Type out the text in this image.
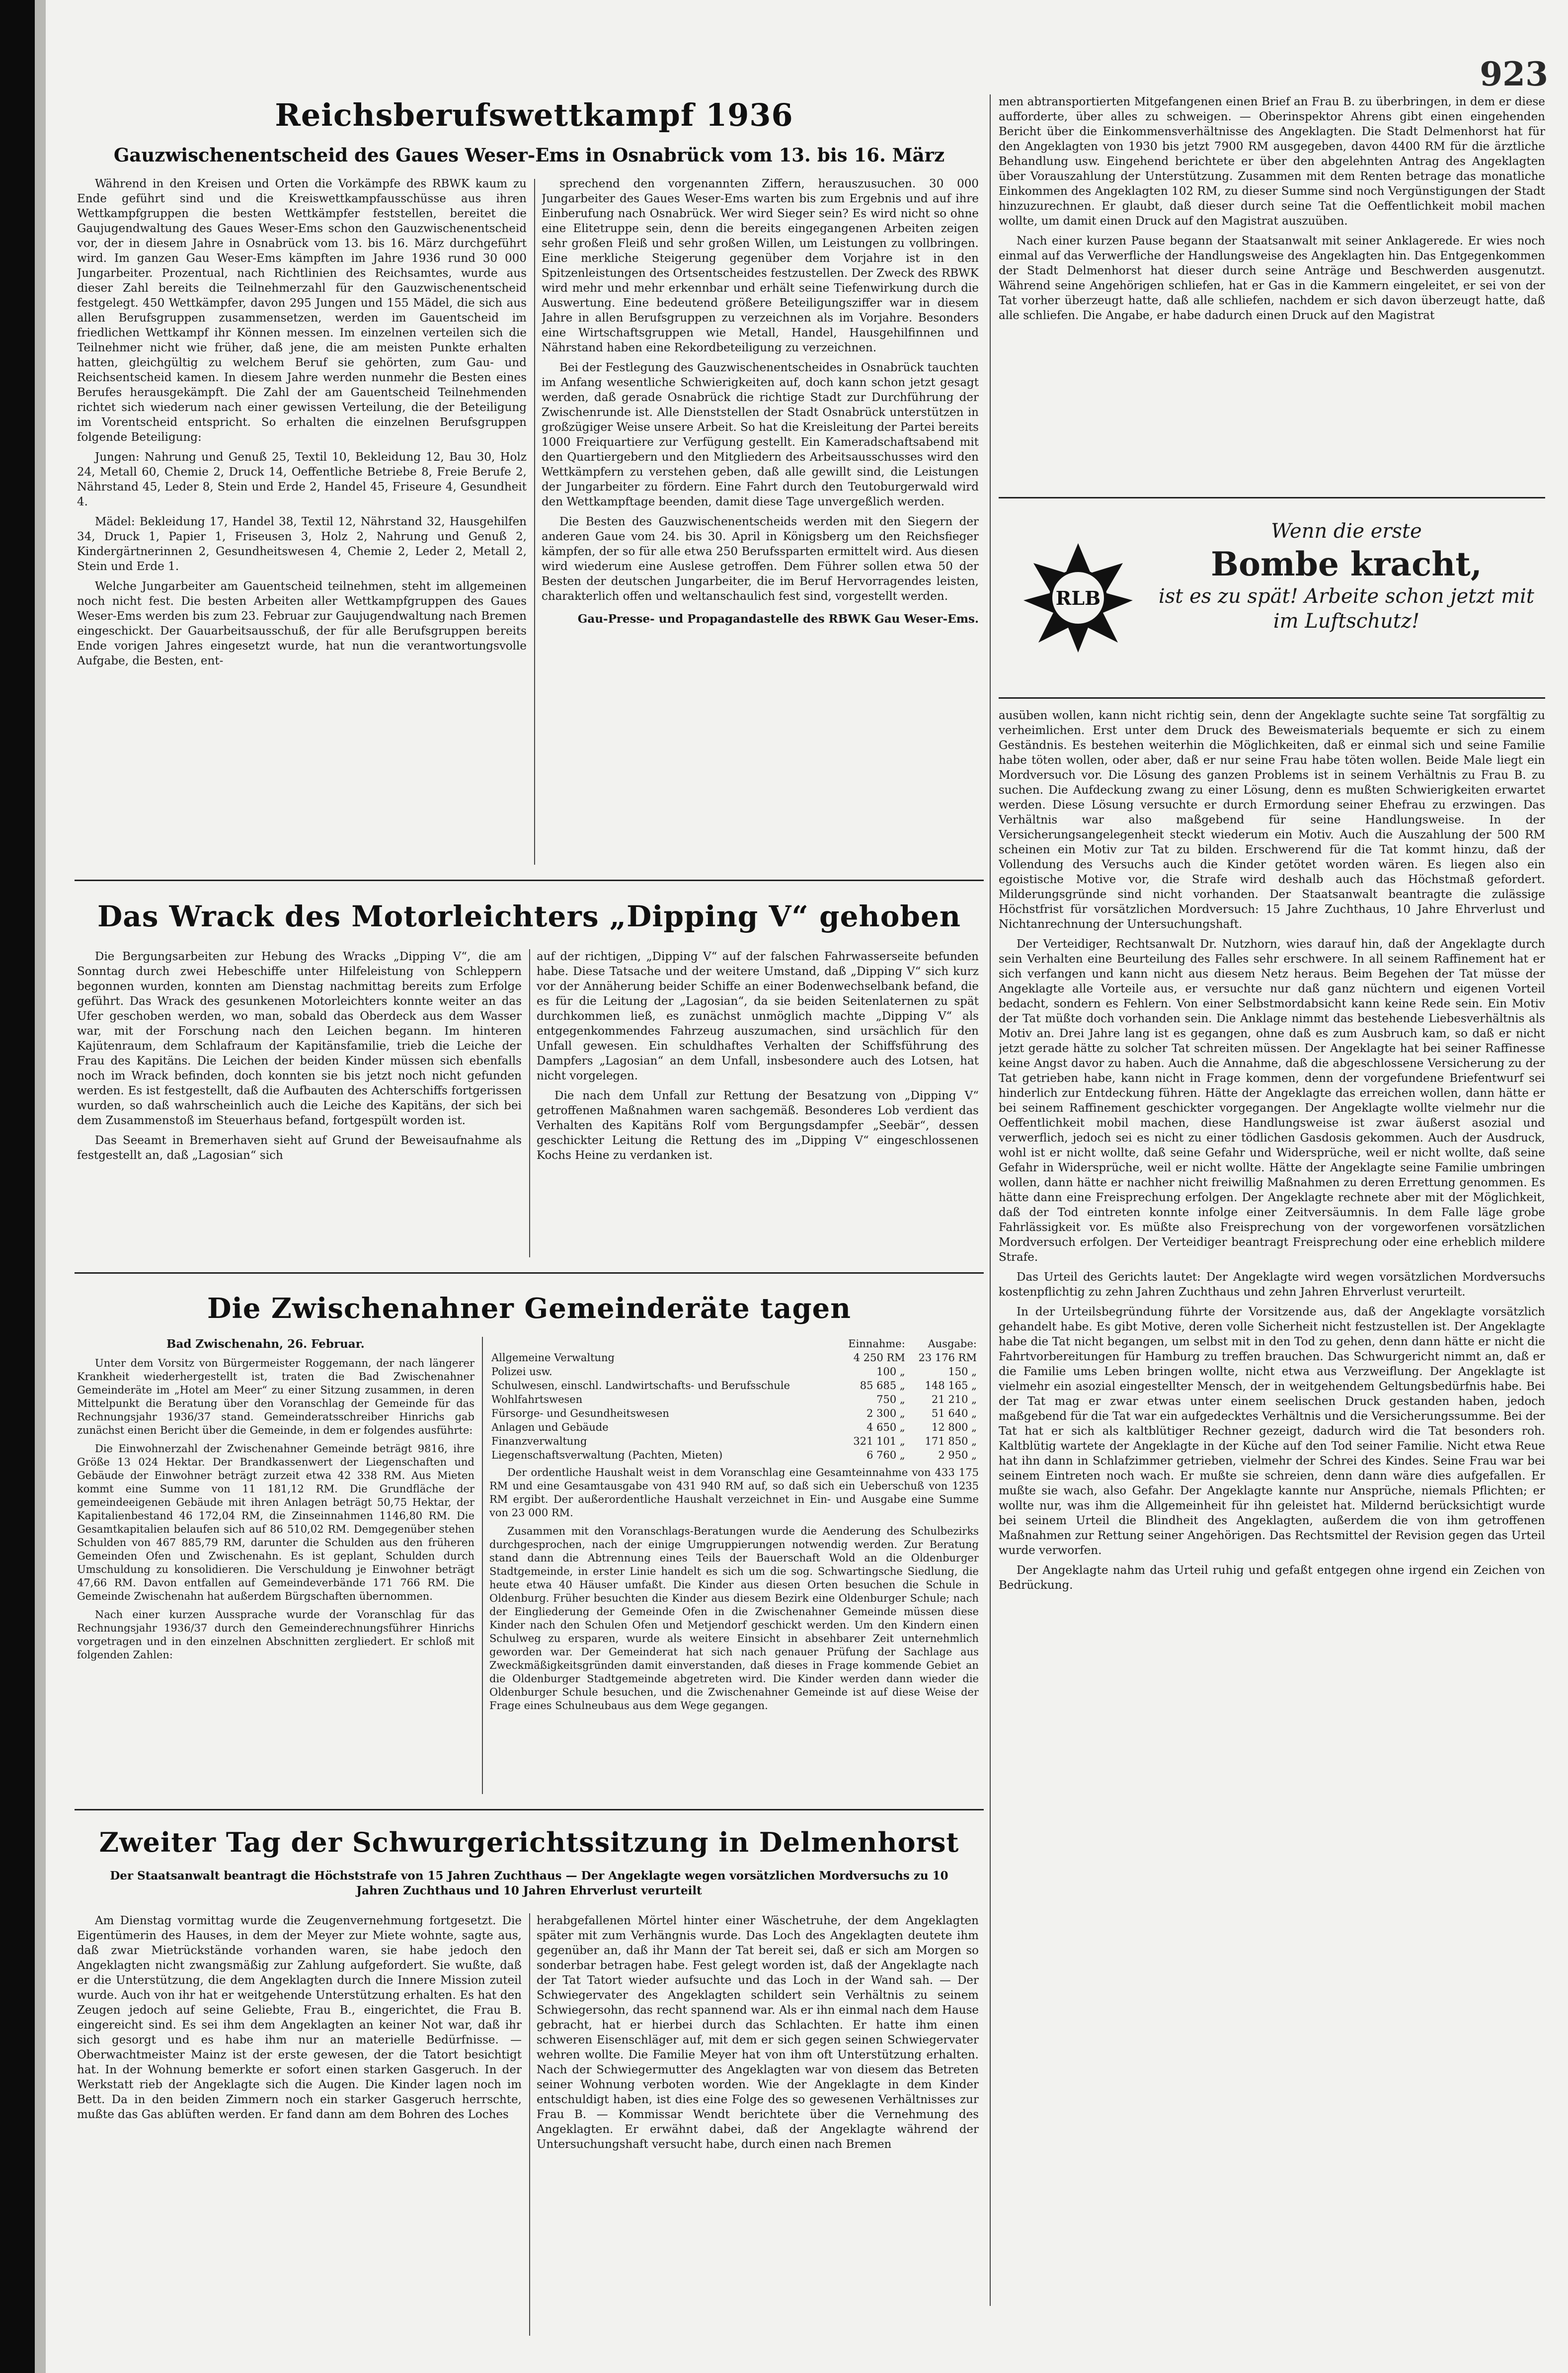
923
Reichsberufswettkampf 1936
Gauzwischenentscheid des Gaues Weser-Ems in Osnabrück vom 13. bis 16. März

Während in den Kreisen und Orten die Vorkämpfe des RBWK kaum zu Ende geführt sind und die Kreiswettkampfausschüsse aus ihren Wettkampfgruppen die besten Wettkämpfer feststellen, bereitet die Gaujugendwaltung des Gaues Weser-Ems schon den Gauzwischenentscheid vor, der in diesem Jahre in Osnabrück vom 13. bis 16. März durchgeführt wird. Im ganzen Gau Weser-Ems kämpften im Jahre 1936 rund 30 000 Jungarbeiter. Prozentual, nach Richtlinien des Reichsamtes, wurde aus dieser Zahl bereits die Teilnehmerzahl für den Gauzwischenentscheid festgelegt. 450 Wettkämpfer, davon 295 Jungen und 155 Mädel, die sich aus allen Berufsgruppen zusammensetzen, werden im Gauentscheid im friedlichen Wettkampf ihr Können messen. Im einzelnen verteilen sich die Teilnehmer nicht wie früher, daß jene, die am meisten Punkte erhalten hatten, gleichgültig zu welchem Beruf sie gehörten, zum Gau- und Reichsentscheid kamen. In diesem Jahre werden nunmehr die Besten eines Berufes herausgekämpft. Die Zahl der am Gauentscheid Teilnehmenden richtet sich wiederum nach einer gewissen Verteilung, die der Beteiligung im Vorentscheid entspricht. So erhalten die einzelnen Berufsgruppen folgende Beteiligung:

Jungen: Nahrung und Genuß 25, Textil 10, Bekleidung 12, Bau 30, Holz 24, Metall 60, Chemie 2, Druck 14, Oeffentliche Betriebe 8, Freie Berufe 2, Nährstand 45, Leder 8, Stein und Erde 2, Handel 45, Friseure 4, Gesundheit 4.

Mädel: Bekleidung 17, Handel 38, Textil 12, Nährstand 32, Hausgehilfen 34, Druck 1, Papier 1, Friseusen 3, Holz 2, Nahrung und Genuß 2, Kindergärtnerinnen 2, Gesundheitswesen 4, Chemie 2, Leder 2, Metall 2, Stein und Erde 1.

Welche Jungarbeiter am Gauentscheid teilnehmen, steht im allgemeinen noch nicht fest. Die besten Arbeiten aller Wettkampfgruppen des Gaues Weser-Ems werden bis zum 23. Februar zur Gaujugendwaltung nach Bremen eingeschickt. Der Gauarbeitsausschuß, der für alle Berufsgruppen bereits Ende vorigen Jahres eingesetzt wurde, hat nun die verantwortungsvolle Aufgabe, die Besten, ent-

sprechend den vorgenannten Ziffern, herauszusuchen. 30 000 Jungarbeiter des Gaues Weser-Ems warten bis zum Ergebnis und auf ihre Einberufung nach Osnabrück. Wer wird Sieger sein? Es wird nicht so ohne eine Elitetruppe sein, denn die bereits eingegangenen Arbeiten zeigen sehr großen Fleiß und sehr großen Willen, um Leistungen zu vollbringen. Eine merkliche Steigerung gegenüber dem Vorjahre ist in den Spitzenleistungen des Ortsentscheides festzustellen. Der Zweck des RBWK wird mehr und mehr erkennbar und erhält seine Tiefenwirkung durch die Auswertung. Eine bedeutend größere Beteiligungsziffer war in diesem Jahre in allen Berufsgruppen zu verzeichnen als im Vorjahre. Besonders eine Wirtschaftsgruppen wie Metall, Handel, Hausgehilfinnen und Nährstand haben eine Rekordbeteiligung zu verzeichnen.

Bei der Festlegung des Gauzwischenentscheides in Osnabrück tauchten im Anfang wesentliche Schwierigkeiten auf, doch kann schon jetzt gesagt werden, daß gerade Osnabrück die richtige Stadt zur Durchführung der Zwischenrunde ist. Alle Dienststellen der Stadt Osnabrück unterstützen in großzügiger Weise unsere Arbeit. So hat die Kreisleitung der Partei bereits 1000 Freiquartiere zur Verfügung gestellt. Ein Kameradschaftsabend mit den Quartiergebern und den Mitgliedern des Arbeitsausschusses wird den Wettkämpfern zu verstehen geben, daß alle gewillt sind, die Leistungen der Jungarbeiter zu fördern. Eine Fahrt durch den Teutoburgerwald wird den Wettkampftage beenden, damit diese Tage unvergeßlich werden.

Die Besten des Gauzwischenentscheids werden mit den Siegern der anderen Gaue vom 24. bis 30. April in Königsberg um den Reichsfieger kämpfen, der so für alle etwa 250 Berufssparten ermittelt wird. Aus diesen wird wiederum eine Auslese getroffen. Dem Führer sollen etwa 50 der Besten der deutschen Jungarbeiter, die im Beruf Hervorragendes leisten, charakterlich offen und weltanschaulich fest sind, vorgestellt werden.

Gau-Presse- und Propagandastelle des RBWK Gau Weser-Ems.

men abtransportierten Mitgefangenen einen Brief an Frau B. zu überbringen, in dem er diese aufforderte, über alles zu schweigen. — Oberinspektor Ahrens gibt einen eingehenden Bericht über die Einkommensverhältnisse des Angeklagten. Die Stadt Delmenhorst hat für den Angeklagten von 1930 bis jetzt 7900 RM ausgegeben, davon 4400 RM für die ärztliche Behandlung usw. Eingehend berichtete er über den abgelehnten Antrag des Angeklagten über Vorauszahlung der Unterstützung. Zusammen mit dem Renten betrage das monatliche Einkommen des Angeklagten 102 RM, zu dieser Summe sind noch Vergünstigungen der Stadt hinzuzurechnen. Er glaubt, daß dieser durch seine Tat die Oeffentlichkeit mobil machen wollte, um damit einen Druck auf den Magistrat auszuüben.

Nach einer kurzen Pause begann der Staatsanwalt mit seiner Anklagerede. Er wies noch einmal auf das Verwerfliche der Handlungsweise des Angeklagten hin. Das Entgegenkommen der Stadt Delmenhorst hat dieser durch seine Anträge und Beschwerden ausgenutzt. Während seine Angehörigen schliefen, hat er Gas in die Kammern eingeleitet, er sei von der Tat vorher überzeugt hatte, daß alle schliefen, nachdem er sich davon überzeugt hatte, daß alle schliefen. Die Angabe, er habe dadurch einen Druck auf den Magistrat

RLB
Wenn die erste
Bombe kracht,
ist es zu spät! Arbeite schon jetzt mit im Luftschutz!

ausüben wollen, kann nicht richtig sein, denn der Angeklagte suchte seine Tat sorgfältig zu verheimlichen. Erst unter dem Druck des Beweismaterials bequemte er sich zu einem Geständnis. Es bestehen weiterhin die Möglichkeiten, daß er einmal sich und seine Familie habe töten wollen, oder aber, daß er nur seine Frau habe töten wollen. Beide Male liegt ein Mordversuch vor. Die Lösung des ganzen Problems ist in seinem Verhältnis zu Frau B. zu suchen. Die Aufdeckung zwang zu einer Lösung, denn es mußten Schwierigkeiten erwartet werden. Diese Lösung versuchte er durch Ermordung seiner Ehefrau zu erzwingen. Das Verhältnis war also maßgebend für seine Handlungsweise. In der Versicherungsangelegenheit steckt wiederum ein Motiv. Auch die Auszahlung der 500 RM scheinen ein Motiv zur Tat zu bilden. Erschwerend für die Tat kommt hinzu, daß der Vollendung des Versuchs auch die Kinder getötet worden wären. Es liegen also ein egoistische Motive vor, die Strafe wird deshalb auch das Höchstmaß gefordert. Milderungsgründe sind nicht vorhanden. Der Staatsanwalt beantragte die zulässige Höchstfrist für vorsätzlichen Mordversuch: 15 Jahre Zuchthaus, 10 Jahre Ehrverlust und Nichtanrechnung der Untersuchungshaft.

Der Verteidiger, Rechtsanwalt Dr. Nutzhorn, wies darauf hin, daß der Angeklagte durch sein Verhalten eine Beurteilung des Falles sehr erschwere. In all seinem Raffinement hat er sich verfangen und kann nicht aus diesem Netz heraus. Beim Begehen der Tat müsse der Angeklagte alle Vorteile aus, er versuchte nur daß ganz nüchtern und eigenen Vorteil bedacht, sondern es Fehlern. Von einer Selbstmordabsicht kann keine Rede sein. Ein Motiv der Tat müßte doch vorhanden sein. Die Anklage nimmt das bestehende Liebesverhältnis als Motiv an. Drei Jahre lang ist es gegangen, ohne daß es zum Ausbruch kam, so daß er nicht jetzt gerade hätte zu solcher Tat schreiten müssen. Der Angeklagte hat bei seiner Raffinesse keine Angst davor zu haben. Auch die Annahme, daß die abgeschlossene Versicherung zu der Tat getrieben habe, kann nicht in Frage kommen, denn der vorgefundene Briefentwurf sei hinderlich zur Entdeckung führen. Hätte der Angeklagte das erreichen wollen, dann hätte er bei seinem Raffinement geschickter vorgegangen. Der Angeklagte wollte vielmehr nur die Oeffentlichkeit mobil machen, diese Handlungsweise ist zwar äußerst asozial und verwerflich, jedoch sei es nicht zu einer tödlichen Gasdosis gekommen. Auch der Ausdruck, wohl ist er nicht wollte, daß seine Gefahr und Widersprüche, weil er nicht wollte, daß seine Gefahr in Widersprüche, weil er nicht wollte. Hätte der Angeklagte seine Familie umbringen wollen, dann hätte er nachher nicht freiwillig Maßnahmen zu deren Errettung genommen. Es hätte dann eine Freisprechung erfolgen. Der Angeklagte rechnete aber mit der Möglichkeit, daß der Tod eintreten konnte infolge einer Zeitversäumnis. In dem Falle läge grobe Fahrlässigkeit vor. Es müßte also Freisprechung von der vorgeworfenen vorsätzlichen Mordversuch erfolgen. Der Verteidiger beantragt Freisprechung oder eine erheblich mildere Strafe.

Das Urteil des Gerichts lautet: Der Angeklagte wird wegen vorsätzlichen Mordversuchs kostenpflichtig zu zehn Jahren Zuchthaus und zehn Jahren Ehrverlust verurteilt.

In der Urteilsbegründung führte der Vorsitzende aus, daß der Angeklagte vorsätzlich gehandelt habe. Es gibt Motive, deren volle Sicherheit nicht festzustellen ist. Der Angeklagte habe die Tat nicht begangen, um selbst mit in den Tod zu gehen, denn dann hätte er nicht die Fahrtvorbereitungen für Hamburg zu treffen brauchen. Das Schwurgericht nimmt an, daß er die Familie ums Leben bringen wollte, nicht etwa aus Verzweiflung. Der Angeklagte ist vielmehr ein asozial eingestellter Mensch, der in weitgehendem Geltungsbedürfnis habe. Bei der Tat mag er zwar etwas unter einem seelischen Druck gestanden haben, jedoch maßgebend für die Tat war ein aufgedecktes Verhältnis und die Versicherungssumme. Bei der Tat hat er sich als kaltblütiger Rechner gezeigt, dadurch wird die Tat besonders roh. Kaltblütig wartete der Angeklagte in der Küche auf den Tod seiner Familie. Nicht etwa Reue hat ihn dann in Schlafzimmer getrieben, vielmehr der Schrei des Kindes. Seine Frau war bei seinem Eintreten noch wach. Er mußte sie schreien, denn dann wäre dies aufgefallen. Er mußte sie wach, also Gefahr. Der Angeklagte kannte nur Ansprüche, niemals Pflichten; er wollte nur, was ihm die Allgemeinheit für ihn geleistet hat. Mildernd berücksichtigt wurde bei seinem Urteil die Blindheit des Angeklagten, außerdem die von ihm getroffenen Maßnahmen zur Rettung seiner Angehörigen. Das Rechtsmittel der Revision gegen das Urteil wurde verworfen.

Der Angeklagte nahm das Urteil ruhig und gefaßt entgegen ohne irgend ein Zeichen von Bedrückung.

Das Wrack des Motorleichters „Dipping V“ gehoben

Die Bergungsarbeiten zur Hebung des Wracks „Dipping V“, die am Sonntag durch zwei Hebeschiffe unter Hilfeleistung von Schleppern begonnen wurden, konnten am Dienstag nachmittag bereits zum Erfolge geführt. Das Wrack des gesunkenen Motorleichters konnte weiter an das Ufer geschoben werden, wo man, sobald das Oberdeck aus dem Wasser war, mit der Forschung nach den Leichen begann. Im hinteren Kajütenraum, dem Schlafraum der Kapitänsfamilie, trieb die Leiche der Frau des Kapitäns. Die Leichen der beiden Kinder müssen sich ebenfalls noch im Wrack befinden, doch konnten sie bis jetzt noch nicht gefunden werden. Es ist festgestellt, daß die Aufbauten des Achterschiffs fortgerissen wurden, so daß wahrscheinlich auch die Leiche des Kapitäns, der sich bei dem Zusammenstoß im Steuerhaus befand, fortgespült worden ist.

Das Seeamt in Bremerhaven sieht auf Grund der Beweisaufnahme als festgestellt an, daß „Lagosian“ sich

auf der richtigen, „Dipping V“ auf der falschen Fahrwasserseite befunden habe. Diese Tatsache und der weitere Umstand, daß „Dipping V“ sich kurz vor der Annäherung beider Schiffe an einer Bodenwechselbank befand, die es für die Leitung der „Lagosian“, da sie beiden Seitenlaternen zu spät durchkommen ließ, es zunächst unmöglich machte „Dipping V“ als entgegenkommendes Fahrzeug auszumachen, sind ursächlich für den Unfall gewesen. Ein schuldhaftes Verhalten der Schiffsführung des Dampfers „Lagosian“ an dem Unfall, insbesondere auch des Lotsen, hat nicht vorgelegen.

Die nach dem Unfall zur Rettung der Besatzung von „Dipping V“ getroffenen Maßnahmen waren sachgemäß. Besonderes Lob verdient das Verhalten des Kapitäns Rolf vom Bergungsdampfer „Seebär“, dessen geschickter Leitung die Rettung des im „Dipping V“ eingeschlossenen Kochs Heine zu verdanken ist.

Die Zwischenahner Gemeinderäte tagen

Bad Zwischenahn, 26. Februar.

Unter dem Vorsitz von Bürgermeister Roggemann, der nach längerer Krankheit wiederhergestellt ist, traten die Bad Zwischenahner Gemeinderäte im „Hotel am Meer“ zu einer Sitzung zusammen, in deren Mittelpunkt die Beratung über den Voranschlag der Gemeinde für das Rechnungsjahr 1936/37 stand. Gemeinderatsschreiber Hinrichs gab zunächst einen Bericht über die Gemeinde, in dem er folgendes ausführte:

Die Einwohnerzahl der Zwischenahner Gemeinde beträgt 9816, ihre Größe 13 024 Hektar. Der Brandkassenwert der Liegenschaften und Gebäude der Einwohner beträgt zurzeit etwa 42 338 RM. Aus Mieten kommt eine Summe von 11 181,12 RM. Die Grundfläche der gemeindeeigenen Gebäude mit ihren Anlagen beträgt 50,75 Hektar, der Kapitalienbestand 46 172,04 RM, die Zinseinnahmen 1146,80 RM. Die Gesamtkapitalien belaufen sich auf 86 510,02 RM. Demgegenüber stehen Schulden von 467 885,79 RM, darunter die Schulden aus den früheren Gemeinden Ofen und Zwischenahn. Es ist geplant, Schulden durch Umschuldung zu konsolidieren. Die Verschuldung je Einwohner beträgt 47,66 RM. Davon entfallen auf Gemeindeverbände 171 766 RM. Die Gemeinde Zwischenahn hat außerdem Bürgschaften übernommen.

Nach einer kurzen Aussprache wurde der Voranschlag für das Rechnungsjahr 1936/37 durch den Gemeinderechnungsführer Hinrichs vorgetragen und in den einzelnen Abschnitten zergliedert. Er schloß mit folgenden Zahlen:

	Einnahme:	Ausgabe:
Allgemeine Verwaltung	4 250 RM	23 176 RM
Polizei usw.	100 „	150 „
Schulwesen, einschl. Landwirtschafts- und Berufsschule	85 685 „	148 165 „
Wohlfahrtswesen	750 „	21 210 „
Fürsorge- und Gesundheitswesen	2 300 „	51 640 „
Anlagen und Gebäude	4 650 „	12 800 „
Finanzverwaltung	321 101 „	171 850 „
Liegenschaftsverwaltung (Pachten, Mieten)	6 760 „	2 950 „

Der ordentliche Haushalt weist in dem Voranschlag eine Gesamteinnahme von 433 175 RM und eine Gesamtausgabe von 431 940 RM auf, so daß sich ein Ueberschuß von 1235 RM ergibt. Der außerordentliche Haushalt verzeichnet in Ein- und Ausgabe eine Summe von 23 000 RM.

Zusammen mit den Voranschlags-Beratungen wurde die Aenderung des Schulbezirks durchgesprochen, nach der einige Umgruppierungen notwendig werden. Zur Beratung stand dann die Abtrennung eines Teils der Bauerschaft Wold an die Oldenburger Stadtgemeinde, in erster Linie handelt es sich um die sog. Schwartingsche Siedlung, die heute etwa 40 Häuser umfaßt. Die Kinder aus diesen Orten besuchen die Schule in Oldenburg. Früher besuchten die Kinder aus diesem Bezirk eine Oldenburger Schule; nach der Eingliederung der Gemeinde Ofen in die Zwischenahner Gemeinde müssen diese Kinder nach den Schulen Ofen und Metjendorf geschickt werden. Um den Kindern einen Schulweg zu ersparen, wurde als weitere Einsicht in absehbarer Zeit unternehmlich geworden war. Der Gemeinderat hat sich nach genauer Prüfung der Sachlage aus Zweckmäßigkeitsgründen damit einverstanden, daß dieses in Frage kommende Gebiet an die Oldenburger Stadtgemeinde abgetreten wird. Die Kinder werden dann wieder die Oldenburger Schule besuchen, und die Zwischenahner Gemeinde ist auf diese Weise der Frage eines Schulneubaus aus dem Wege gegangen.

Zweiter Tag der Schwurgerichtssitzung in Delmenhorst
Der Staatsanwalt beantragt die Höchststrafe von 15 Jahren Zuchthaus — Der Angeklagte wegen vorsätzlichen Mordversuchs zu 10 Jahren Zuchthaus und 10 Jahren Ehrverlust verurteilt

Am Dienstag vormittag wurde die Zeugenvernehmung fortgesetzt. Die Eigentümerin des Hauses, in dem der Meyer zur Miete wohnte, sagte aus, daß zwar Mietrückstände vorhanden waren, sie habe jedoch den Angeklagten nicht zwangsmäßig zur Zahlung aufgefordert. Sie wußte, daß er die Unterstützung, die dem Angeklagten durch die Innere Mission zuteil wurde. Auch von ihr hat er weitgehende Unterstützung erhalten. Es hat den Zeugen jedoch auf seine Geliebte, Frau B., eingerichtet, die Frau B. eingereicht sind. Es sei ihm dem Angeklagten an keiner Not war, daß ihr sich gesorgt und es habe ihm nur an materielle Bedürfnisse. — Oberwachtmeister Mainz ist der erste gewesen, der die Tatort besichtigt hat. In der Wohnung bemerkte er sofort einen starken Gasgeruch. In der Werkstatt rieb der Angeklagte sich die Augen. Die Kinder lagen noch im Bett. Da in den beiden Zimmern noch ein starker Gasgeruch herrschte, mußte das Gas ablüften werden. Er fand dann am dem Bohren des Loches

herabgefallenen Mörtel hinter einer Wäschetruhe, der dem Angeklagten später mit zum Verhängnis wurde. Das Loch des Angeklagten deutete ihm gegenüber an, daß ihr Mann der Tat bereit sei, daß er sich am Morgen so sonderbar betragen habe. Fest gelegt worden ist, daß der Angeklagte nach der Tat Tatort wieder aufsuchte und das Loch in der Wand sah. — Der Schwiegervater des Angeklagten schildert sein Verhältnis zu seinem Schwiegersohn, das recht spannend war. Als er ihn einmal nach dem Hause gebracht, hat er hierbei durch das Schlachten. Er hatte ihm einen schweren Eisenschläger auf, mit dem er sich gegen seinen Schwiegervater wehren wollte. Die Familie Meyer hat von ihm oft Unterstützung erhalten. Nach der Schwiegermutter des Angeklagten war von diesem das Betreten seiner Wohnung verboten worden. Wie der Angeklagte in dem Kinder entschuldigt haben, ist dies eine Folge des so gewesenen Verhältnisses zur Frau B. — Kommissar Wendt berichtete über die Vernehmung des Angeklagten. Er erwähnt dabei, daß der Angeklagte während der Untersuchungshaft versucht habe, durch einen nach Bremen
